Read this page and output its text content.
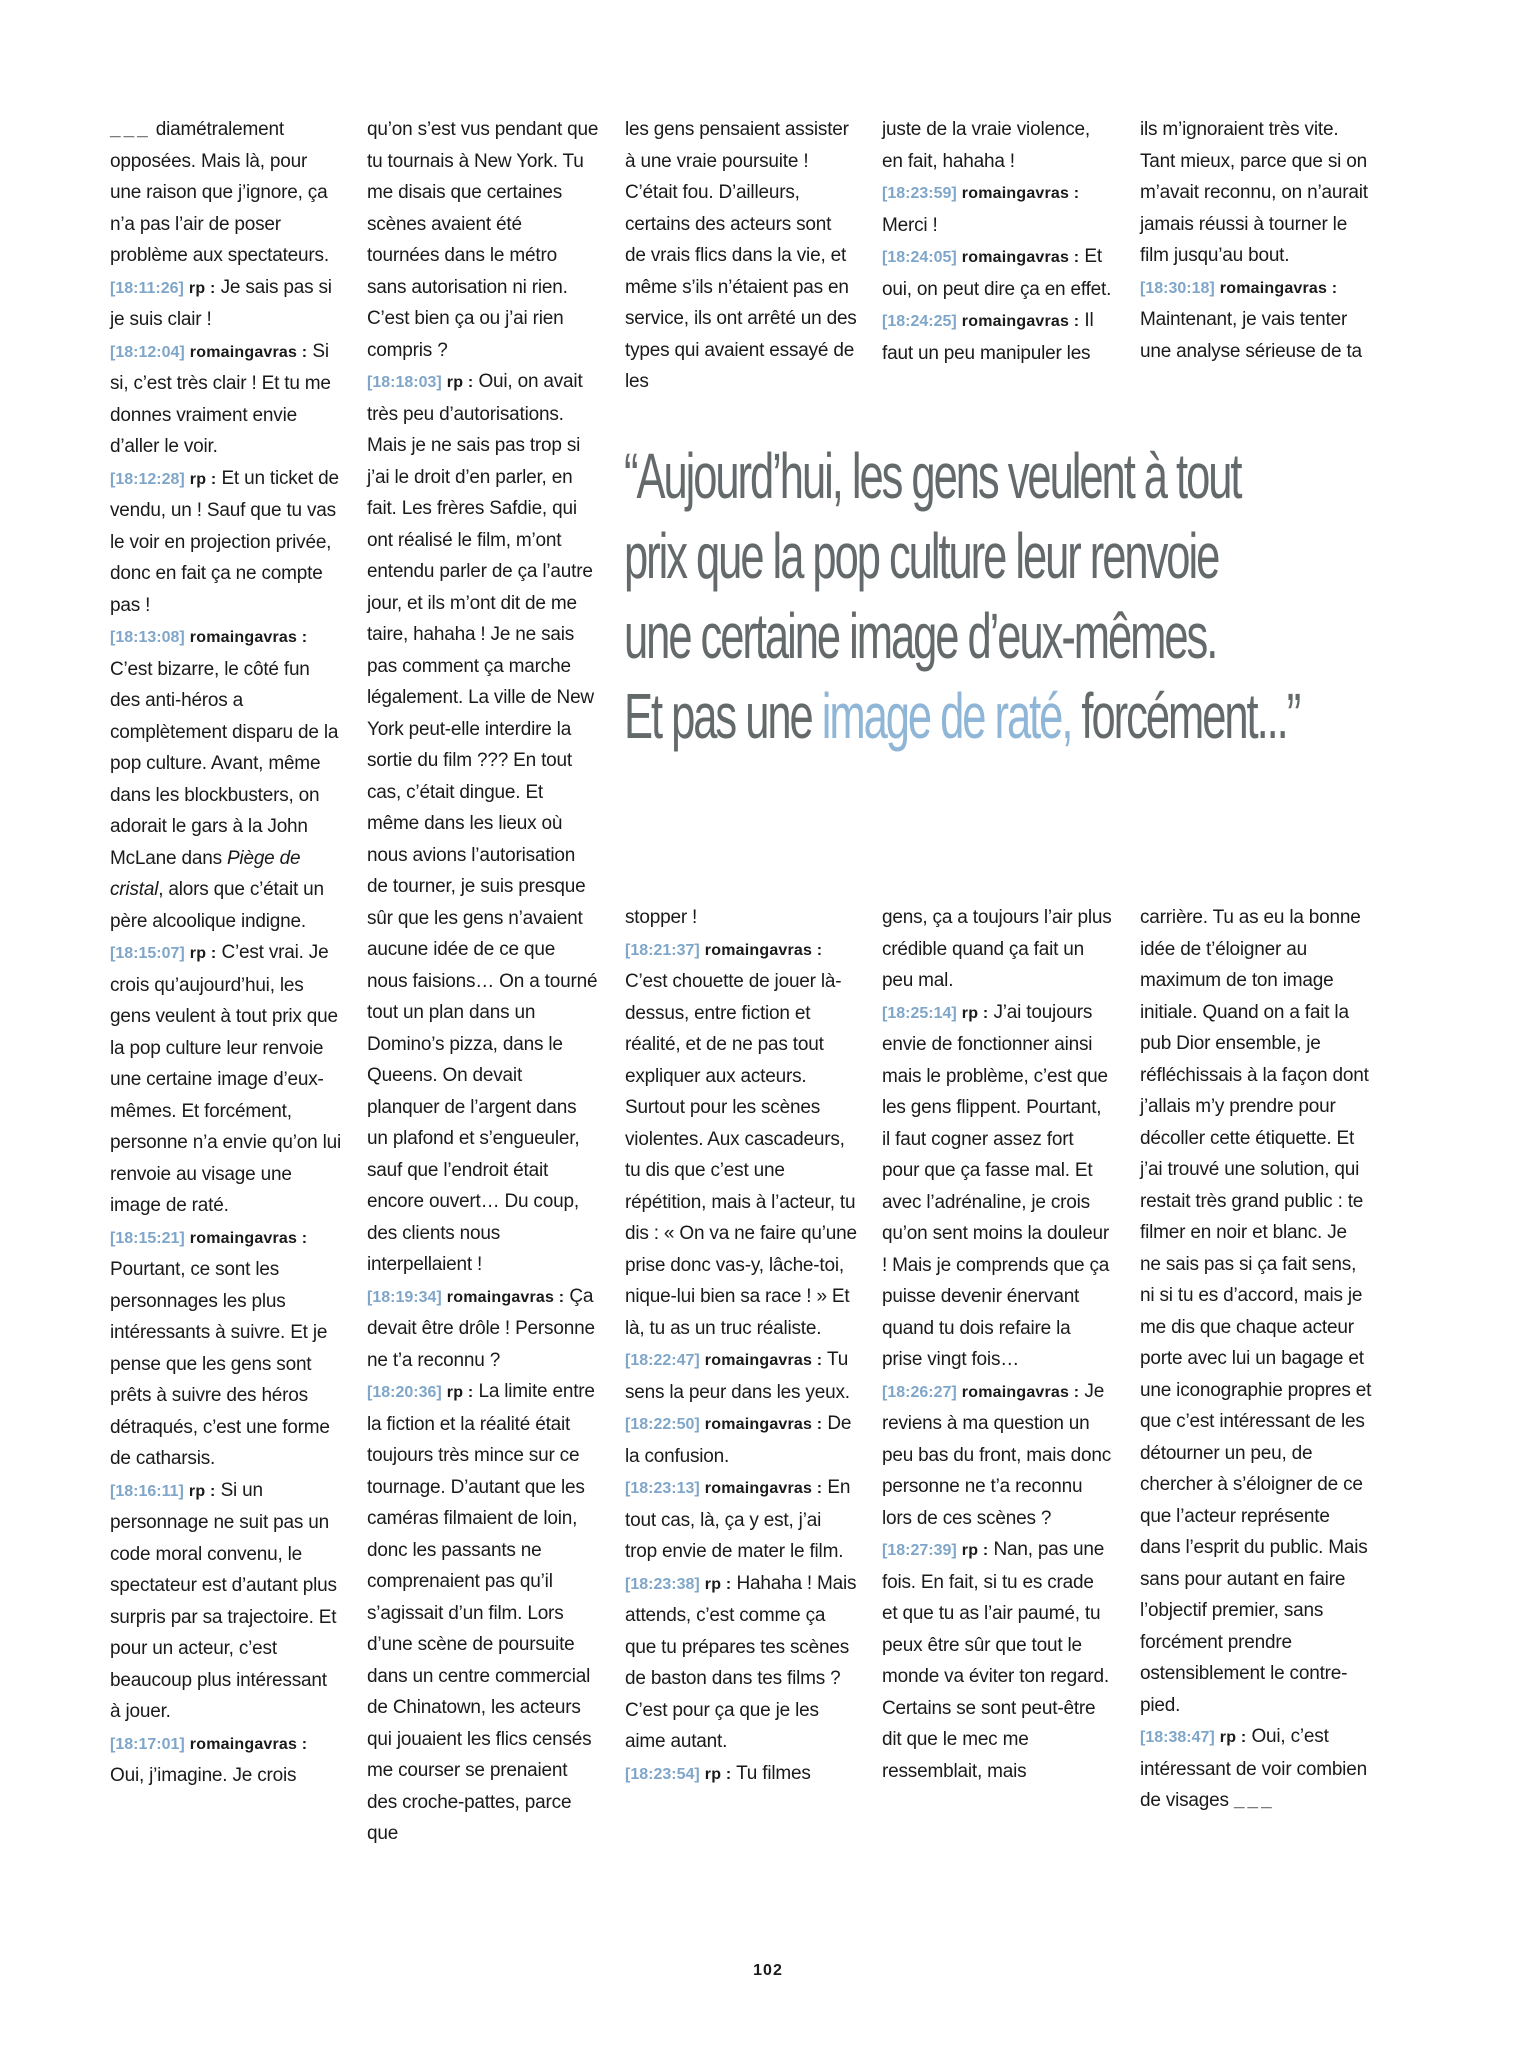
___ diamétralement opposées. Mais là, pour une raison que j’ignore, ça n’a pas l’air de poser problème aux spectateurs.

[18:11:26] rp : Je sais pas si je suis clair !

[18:12:04] romaingavras : Si si, c’est très clair ! Et tu me donnes vraiment envie d’aller le voir.

[18:12:28] rp : Et un ticket de vendu, un ! Sauf que tu vas le voir en projection privée, donc en fait ça ne compte pas !

[18:13:08] romaingavras : C’est bizarre, le côté fun des anti-héros a complètement disparu de la pop culture. Avant, même dans les blockbusters, on adorait le gars à la John McLane dans Piège de cristal, alors que c’était un père alcoolique indigne.

[18:15:07] rp : C’est vrai. Je crois qu’aujourd’hui, les gens veulent à tout prix que la pop culture leur renvoie une certaine image d’eux-mêmes. Et forcément, personne n’a envie qu’on lui renvoie au visage une image de raté.

[18:15:21] romaingavras : Pourtant, ce sont les personnages les plus intéressants à suivre. Et je pense que les gens sont prêts à suivre des héros détraqués, c’est une forme de catharsis.

[18:16:11] rp : Si un personnage ne suit pas un code moral convenu, le spectateur est d’autant plus surpris par sa trajectoire. Et pour un acteur, c’est beaucoup plus intéressant à jouer.

[18:17:01] romaingavras : Oui, j’imagine. Je crois

qu’on s’est vus pendant que tu tournais à New York. Tu me disais que certaines scènes avaient été tournées dans le métro sans autorisation ni rien. C’est bien ça ou j’ai rien compris ?

[18:18:03] rp : Oui, on avait très peu d’autorisations. Mais je ne sais pas trop si j’ai le droit d’en parler, en fait. Les frères Safdie, qui ont réalisé le film, m’ont entendu parler de ça l’autre jour, et ils m’ont dit de me taire, hahaha ! Je ne sais pas comment ça marche légalement. La ville de New York peut-elle interdire la sortie du film ??? En tout cas, c’était dingue. Et même dans les lieux où nous avions l’autorisation de tourner, je suis presque sûr que les gens n’avaient aucune idée de ce que nous faisions… On a tourné tout un plan dans un Domino’s pizza, dans le Queens. On devait planquer de l’argent dans un plafond et s’engueuler, sauf que l’endroit était encore ouvert… Du coup, des clients nous interpellaient !

[18:19:34] romaingavras : Ça devait être drôle ! Personne ne t’a reconnu ?

[18:20:36] rp : La limite entre la fiction et la réalité était toujours très mince sur ce tournage. D’autant que les caméras filmaient de loin, donc les passants ne comprenaient pas qu’il s’agissait d’un film. Lors d’une scène de poursuite dans un centre commercial de Chinatown, les acteurs qui jouaient les flics censés me courser se prenaient des croche-pattes, parce que

les gens pensaient assister à une vraie poursuite ! C’était fou. D’ailleurs, certains des acteurs sont de vrais flics dans la vie, et même s’ils n’étaient pas en service, ils ont arrêté un des types qui avaient essayé de les

juste de la vraie violence, en fait, hahaha !

[18:23:59] romaingavras : Merci !

[18:24:05] romaingavras : Et oui, on peut dire ça en effet.

[18:24:25] romaingavras : Il faut un peu manipuler les

ils m’ignoraient très vite. Tant mieux, parce que si on m’avait reconnu, on n’aurait jamais réussi à tourner le film jusqu’au bout.

[18:30:18] romaingavras : Maintenant, je vais tenter une analyse sérieuse de ta

“Aujourd’hui, les gens veulent à tout
prix que la pop culture leur renvoie
une certaine image d’eux-mêmes.
Et pas une image de raté, forcément...”

stopper !

[18:21:37] romaingavras : C’est chouette de jouer là-dessus, entre fiction et réalité, et de ne pas tout expliquer aux acteurs. Surtout pour les scènes violentes. Aux cascadeurs, tu dis que c’est une répétition, mais à l’acteur, tu dis : « On va ne faire qu’une prise donc vas-y, lâche-toi, nique-lui bien sa race ! » Et là, tu as un truc réaliste.

[18:22:47] romaingavras : Tu sens la peur dans les yeux.

[18:22:50] romaingavras : De la confusion.

[18:23:13] romaingavras : En tout cas, là, ça y est, j’ai trop envie de mater le film.

[18:23:38] rp : Hahaha ! Mais attends, c’est comme ça que tu prépares tes scènes de baston dans tes films ? C’est pour ça que je les aime autant.

[18:23:54] rp : Tu filmes

gens, ça a toujours l’air plus crédible quand ça fait un peu mal.

[18:25:14] rp : J’ai toujours envie de fonctionner ainsi mais le problème, c’est que les gens flippent. Pourtant, il faut cogner assez fort pour que ça fasse mal. Et avec l’adrénaline, je crois qu’on sent moins la douleur ! Mais je comprends que ça puisse devenir énervant quand tu dois refaire la prise vingt fois…

[18:26:27] romaingavras : Je reviens à ma question un peu bas du front, mais donc personne ne t’a reconnu lors de ces scènes ?

[18:27:39] rp : Nan, pas une fois. En fait, si tu es crade et que tu as l’air paumé, tu peux être sûr que tout le monde va éviter ton regard. Certains se sont peut-être dit que le mec me ressemblait, mais

carrière. Tu as eu la bonne idée de t’éloigner au maximum de ton image initiale. Quand on a fait la pub Dior ensemble, je réfléchissais à la façon dont j’allais m’y prendre pour décoller cette étiquette. Et j’ai trouvé une solution, qui restait très grand public : te filmer en noir et blanc. Je ne sais pas si ça fait sens, ni si tu es d’accord, mais je me dis que chaque acteur porte avec lui un bagage et une iconographie propres et que c’est intéressant de les détourner un peu, de chercher à s’éloigner de ce que l’acteur représente dans l’esprit du public. Mais sans pour autant en faire l’objectif premier, sans forcément prendre ostensiblement le contre-pied.

[18:38:47] rp : Oui, c’est intéressant de voir combien de visages ___

102
